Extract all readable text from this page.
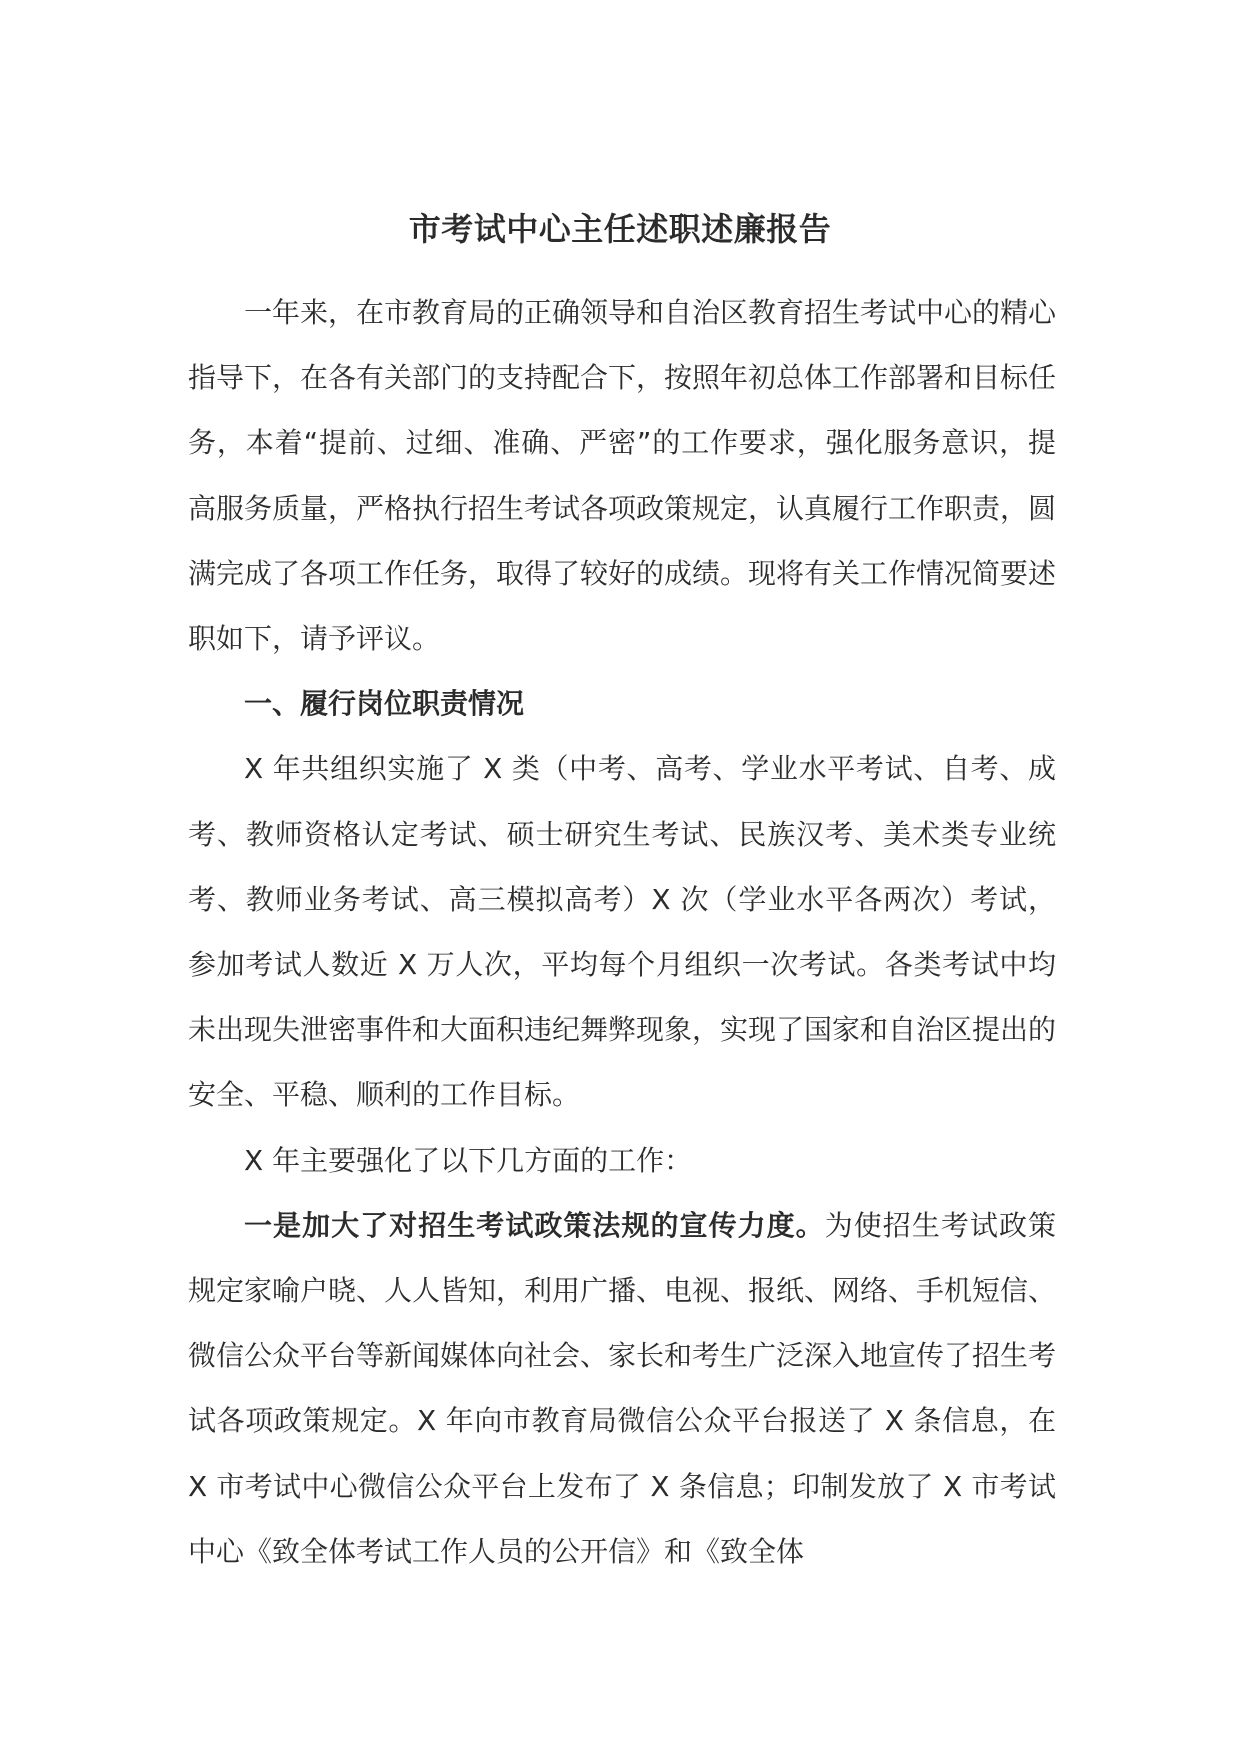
市考试中心主任述职述廉报告

一年来，在市教育局的正确领导和自治区教育招生考试中心的精心指导下，在各有关部门的支持配合下，按照年初总体工作部署和目标任务，本着“提前、过细、准确、严密”的工作要求，强化服务意识，提高服务质量，严格执行招生考试各项政策规定，认真履行工作职责，圆满完成了各项工作任务，取得了较好的成绩。现将有关工作情况简要述职如下，请予评议。

一、履行岗位职责情况

X 年共组织实施了 X 类（中考、高考、学业水平考试、自考、成考、教师资格认定考试、硕士研究生考试、民族汉考、美术类专业统考、教师业务考试、高三模拟高考）X 次（学业水平各两次）考试，参加考试人数近 X 万人次，平均每个月组织一次考试。各类考试中均未出现失泄密事件和大面积违纪舞弊现象，实现了国家和自治区提出的安全、平稳、顺利的工作目标。

X 年主要强化了以下几方面的工作：

一是加大了对招生考试政策法规的宣传力度。为使招生考试政策规定家喻户晓、人人皆知，利用广播、电视、报纸、网络、手机短信、微信公众平台等新闻媒体向社会、家长和考生广泛深入地宣传了招生考试各项政策规定。X 年向市教育局微信公众平台报送了 X 条信息，在 X 市考试中心微信公众平台上发布了 X 条信息；印制发放了 X 市考试中心《致全体考试工作人员的公开信》和《致全体
